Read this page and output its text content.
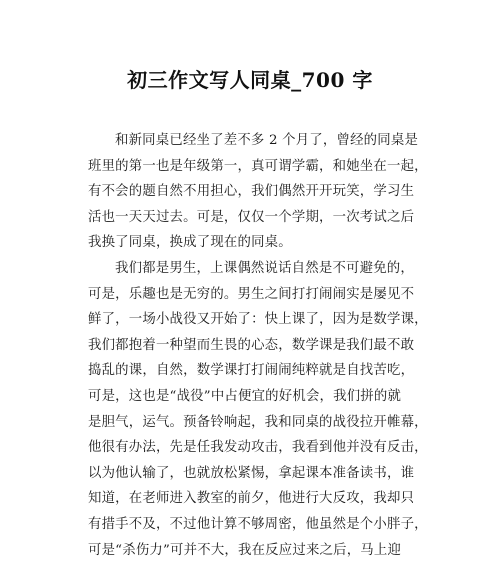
初三作文写人同桌_700 字
和新同桌已经坐了差不多 2 个月了，曾经的同桌是
班里的第一也是年级第一，真可谓学霸，和她坐在一起，
有不会的题自然不用担心，我们偶然开开玩笑，学习生
活也一天天过去。可是，仅仅一个学期，一次考试之后
我换了同桌，换成了现在的同桌。
我们都是男生，上课偶然说话自然是不可避免的，
可是，乐趣也是无穷的。男生之间打打闹闹实是屡见不
鲜了，一场小战役又开始了：快上课了，因为是数学课，
我们都抱着一种望而生畏的心态，数学课是我们最不敢
捣乱的课，自然，数学课打打闹闹纯粹就是自找苦吃，
可是，这也是“战役”中占便宜的好机会，我们拼的就
是胆气，运气。预备铃响起，我和同桌的战役拉开帷幕，
他很有办法，先是任我发动攻击，我看到他并没有反击，
以为他认输了，也就放松紧惕，拿起课本准备读书，谁
知道，在老师进入教室的前夕，他进行大反攻，我却只
有措手不及，不过他计算不够周密，他虽然是个小胖子，
可是“杀伤力”可并不大，我在反应过来之后，马上迎
